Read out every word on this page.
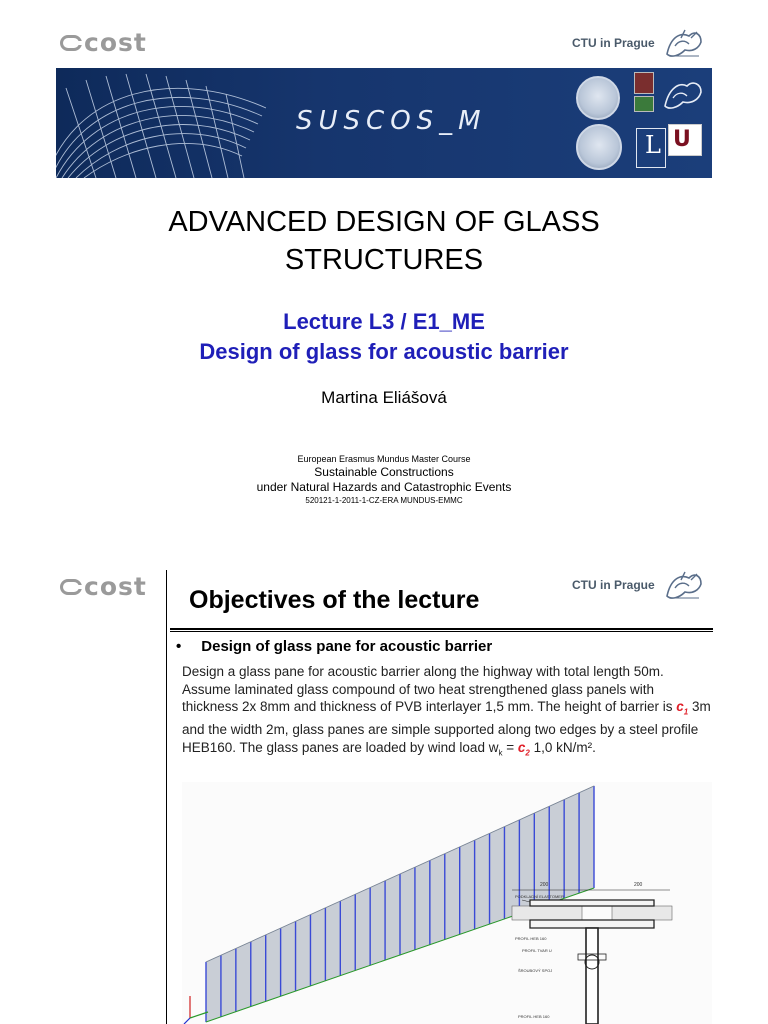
cost	CTU in Prague
SUSCOS_M
L U
ADVANCED DESIGN OF GLASS STRUCTURES
Lecture L3 / E1_ME
Design of glass for acoustic barrier
Martina Eliášová
European Erasmus Mundus Master Course
Sustainable Constructions
under Natural Hazards and Catastrophic Events
520121-1-2011-1-CZ-ERA MUNDUS-EMMC
cost	CTU in Prague
Objectives of the lecture
• Design of glass pane for acoustic barrier
Design a glass pane for acoustic barrier along the highway with total length 50m. Assume laminated glass compound of two heat strengthened glass panels with thickness 2x 8mm and thickness of PVB interlayer 1,5 mm. The height of barrier is $c_1$ 3m and the width 2m, glass panes are simple supported along two edges by a steel profile HEB160. The glass panes are loaded by wind load $w_k = c_2$ 1,0 kN/m².
200	200
PODKLADNÍ ELASTOMER
PROFIL HEB 160
PROFIL TVAR U
ŠROUBOVÝ SPOJ
PROFIL HEB 160
